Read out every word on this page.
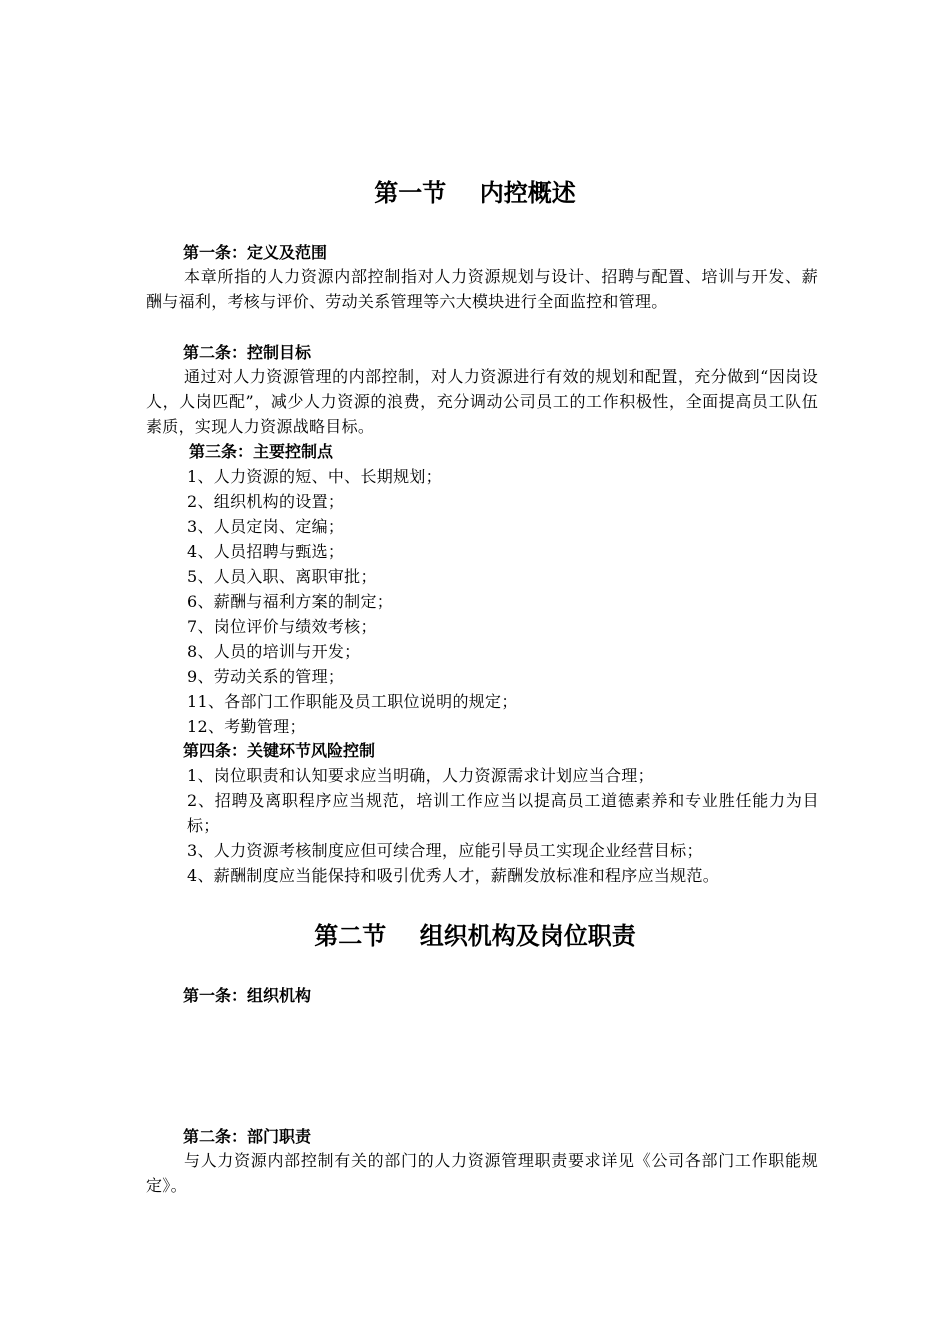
第一节    内控概述
第一条：定义及范围
本章所指的人力资源内部控制指对人力资源规划与设计、招聘与配置、培训与开发、薪酬与福利，考核与评价、劳动关系管理等六大模块进行全面监控和管理。
第二条：控制目标
通过对人力资源管理的内部控制，对人力资源进行有效的规划和配置，充分做到“因岗设人，人岗匹配”，减少人力资源的浪费，充分调动公司员工的工作积极性，全面提高员工队伍素质，实现人力资源战略目标。
第三条：主要控制点
1、人力资源的短、中、长期规划；
2、组织机构的设置；
3、人员定岗、定编；
4、人员招聘与甄选；
5、人员入职、离职审批；
6、薪酬与福利方案的制定；
7、岗位评价与绩效考核；
8、人员的培训与开发；
9、劳动关系的管理；
11、各部门工作职能及员工职位说明的规定；
12、考勤管理；
第四条：关键环节风险控制
1、岗位职责和认知要求应当明确，人力资源需求计划应当合理；
2、招聘及离职程序应当规范，培训工作应当以提高员工道德素养和专业胜任能力为目标；
3、人力资源考核制度应但可续合理，应能引导员工实现企业经营目标；
4、薪酬制度应当能保持和吸引优秀人才，薪酬发放标准和程序应当规范。
第二节    组织机构及岗位职责
第一条：组织机构
第二条：部门职责
与人力资源内部控制有关的部门的人力资源管理职责要求详见《公司各部门工作职能规定》。
